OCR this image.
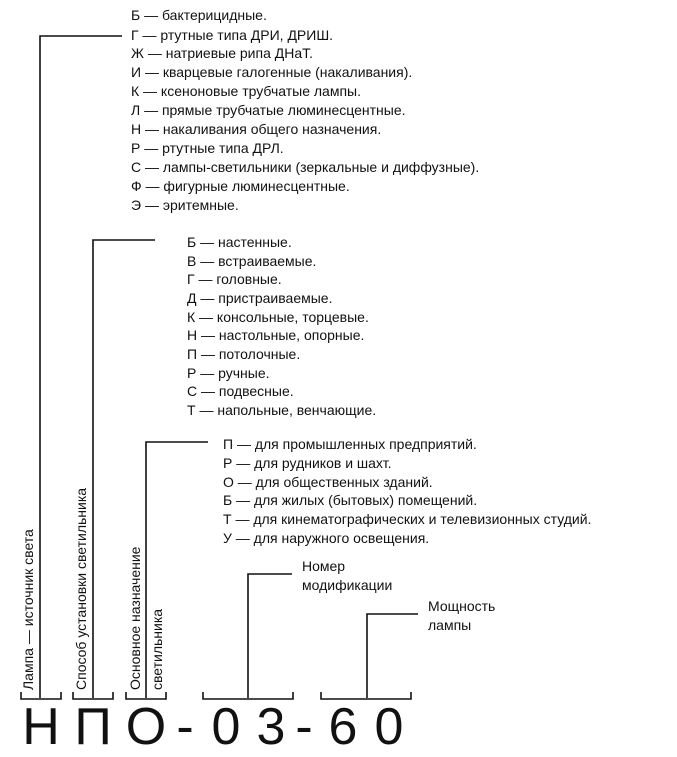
Лампа — источник света	Способ установки светильника	Основное назначение светильника
Б — бактерицидные.
Г — ртутные типа ДРИ, ДРИШ.
Ж — натриевые рипа ДНаТ.
И — кварцевые галогенные (накаливания).
К — ксеноновые трубчатые лампы.
Л — прямые трубчатые люминесцентные.
Н — накаливания общего назначения.
Р — ртутные типа ДРЛ.
С — лампы-светильники (зеркальные и диффузные).
Ф — фигурные люминесцентные.
Э — эритемные.
Б — настенные.
В — встраиваемые.
Г — головные.
Д — пристраиваемые.
К — консольные, торцевые.
Н — настольные, опорные.
П — потолочные.
Р — ручные.
С — подвесные.
Т — напольные, венчающие.
П — для промышленных предприятий.
Р — для рудников и шахт.
О — для общественных зданий.
Б — для жилых (бытовых) помещений.
Т — для кинематографических и телевизионных студий.
У — для наружного освещения.
Номер
модификации
Мощность
лампы
Н П О - 0 3 - 6 0
